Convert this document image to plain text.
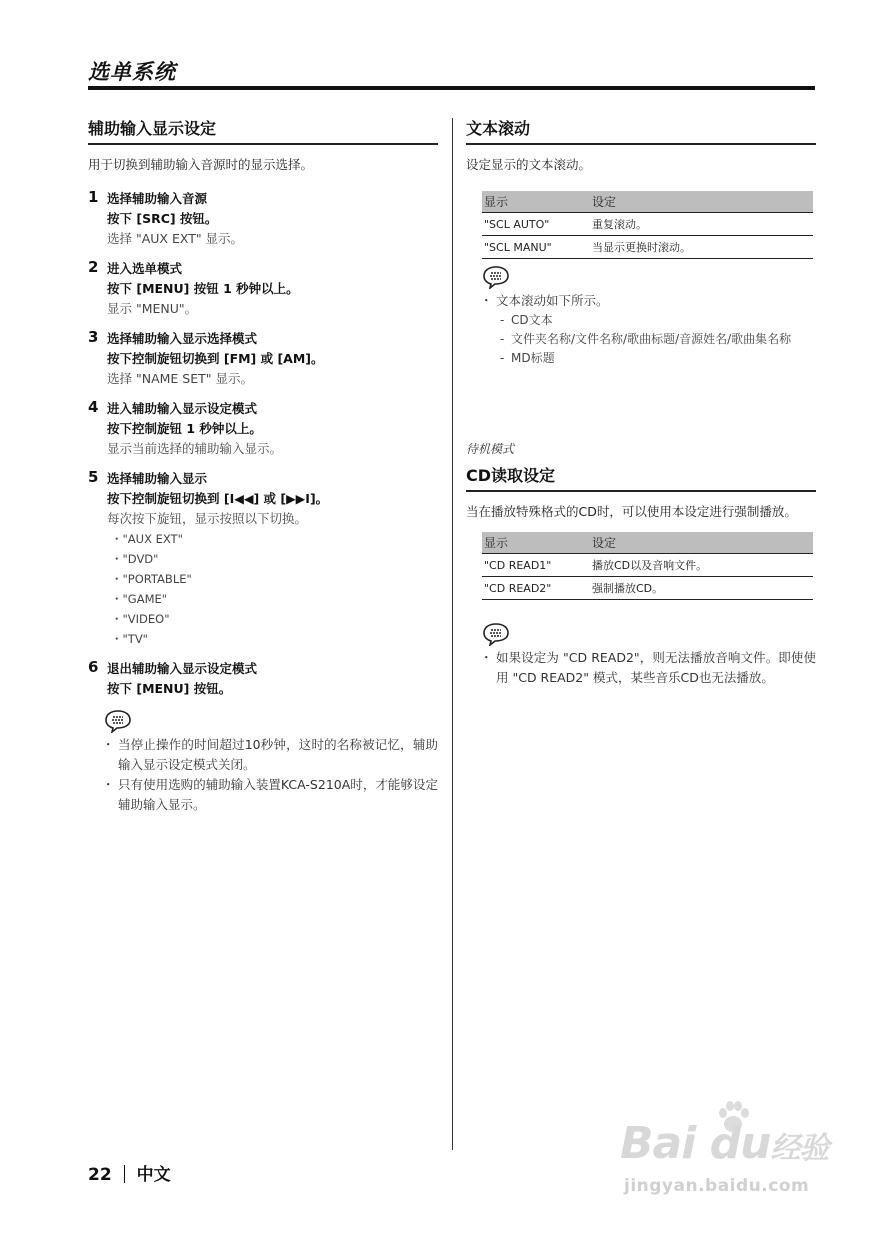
选单系统
辅助输入显示设定

用于切换到辅助输入音源时的显示选择。

1 选择辅助输入音源
按下 [SRC] 按钮。
选择 "AUX EXT" 显示。
2 进入选单模式
按下 [MENU] 按钮 1 秒钟以上。
显示 "MENU"。
3 选择辅助输入显示选择模式
按下控制旋钮切换到 [FM] 或 [AM]。
选择 "NAME SET" 显示。
4 进入辅助输入显示设定模式
按下控制旋钮 1 秒钟以上。
显示当前选择的辅助输入显示。
5 选择辅助输入显示
按下控制旋钮切换到 [I◀◀] 或 [▶▶I]。
每次按下旋钮，显示按照以下切换。
・ "AUX EXT"
・ "DVD"
・ "PORTABLE"
・ "GAME"
・ "VIDEO"
・ "TV"
6 退出辅助输入显示设定模式
按下 [MENU] 按钮。
・ 当停止操作的时间超过10秒钟，这时的名称被记忆，辅助输入显示设定模式关闭。
・ 只有使用选购的辅助输入装置KCA-S210A时，才能够设定辅助输入显示。
文本滚动

设定显示的文本滚动。

显示	设定
"SCL AUTO"	重复滚动。
"SCL MANU"	当显示更换时滚动。
・ 文本滚动如下所示。
- CD文本
- 文件夹名称/文件名称/歌曲标题/音源姓名/歌曲集名称
- MD标题
待机模式
CD读取设定

当在播放特殊格式的CD时，可以使用本设定进行强制播放。

显示	设定
"CD READ1"	播放CD以及音响文件。
"CD READ2"	强制播放CD。
・ 如果设定为 "CD READ2"，则无法播放音响文件。即使使用 "CD READ2" 模式，某些音乐CD也无法播放。
22 中文
Bai du经验
jingyan.baidu.com
